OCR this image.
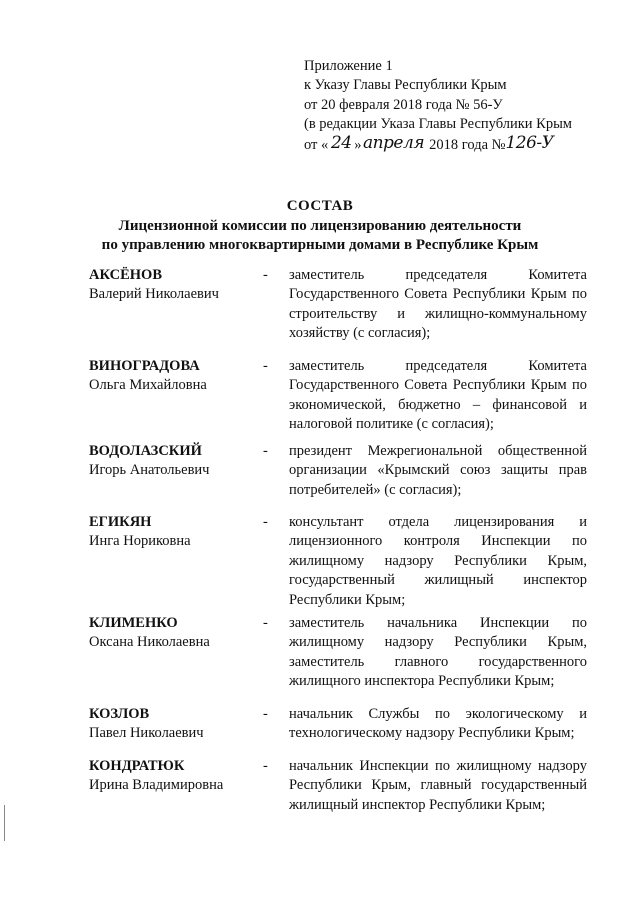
Приложение 1
к Указу Главы Республики Крым
от 20 февраля 2018 года № 56-У
(в редакции Указа Главы Республики Крым
от « 24 »апреля 2018 года №126-У
СОСТАВ
Лицензионной комиссии по лицензированию деятельности
по управлению многоквартирными домами в Республике Крым
АКСЁНОВ
Валерий Николаевич
-	заместитель председателя Комитета Государственного Совета Республики Крым по строительству и жилищно-коммунальному хозяйству (с согласия);
ВИНОГРАДОВА
Ольга Михайловна
-	заместитель председателя Комитета Государственного Совета Республики Крым по экономической, бюджетно – финансовой и налоговой политике (с согласия);
ВОДОЛАЗСКИЙ
Игорь Анатольевич
-	президент Межрегиональной общественной организации «Крымский союз защиты прав потребителей» (с согласия);
ЕГИКЯН
Инга Нориковна
-	консультант отдела лицензирования и лицензионного контроля Инспекции по жилищному надзору Республики Крым, государственный жилищный инспектор Республики Крым;
КЛИМЕНКО
Оксана Николаевна
-	заместитель начальника Инспекции по жилищному надзору Республики Крым, заместитель главного государственного жилищного инспектора Республики Крым;
КОЗЛОВ
Павел Николаевич
-	начальник Службы по экологическому и технологическому надзору Республики Крым;
КОНДРАТЮК
Ирина Владимировна
-	начальник Инспекции по жилищному надзору Республики Крым, главный государственный жилищный инспектор Республики Крым;
